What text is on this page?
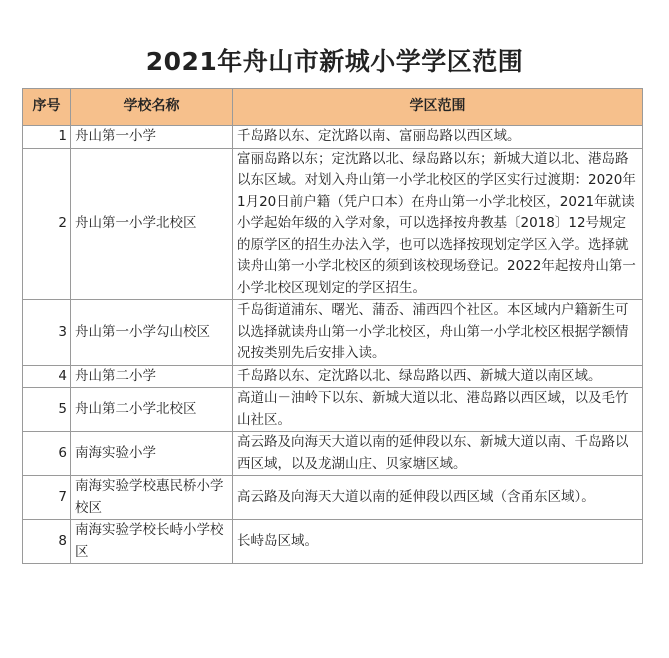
2021年舟山市新城小学学区范围
序号	学校名称	学区范围
1	舟山第一小学	千岛路以东、定沈路以南、富丽岛路以西区域。
2	舟山第一小学北校区	富丽岛路以东；定沈路以北、绿岛路以东；新城大道以北、港岛路以东区域。对划入舟山第一小学北校区的学区实行过渡期：2020年1月20日前户籍（凭户口本）在舟山第一小学北校区，2021年就读小学起始年级的入学对象，可以选择按舟教基〔2018〕12号规定的原学区的招生办法入学，也可以选择按现划定学区入学。选择就读舟山第一小学北校区的须到该校现场登记。2022年起按舟山第一小学北校区现划定的学区招生。
3	舟山第一小学勾山校区	千岛街道浦东、曙光、蒲岙、浦西四个社区。本区域内户籍新生可以选择就读舟山第一小学北校区，舟山第一小学北校区根据学额情况按类别先后安排入读。
4	舟山第二小学	千岛路以东、定沈路以北、绿岛路以西、新城大道以南区域。
5	舟山第二小学北校区	高道山－油岭下以东、新城大道以北、港岛路以西区域，以及毛竹山社区。
6	南海实验小学	高云路及向海天大道以南的延伸段以东、新城大道以南、千岛路以西区域，以及龙湖山庄、贝家塘区域。
7	南海实验学校惠民桥小学校区	高云路及向海天大道以南的延伸段以西区域（含甬东区域）。
8	南海实验学校长峙小学校区	长峙岛区域。
